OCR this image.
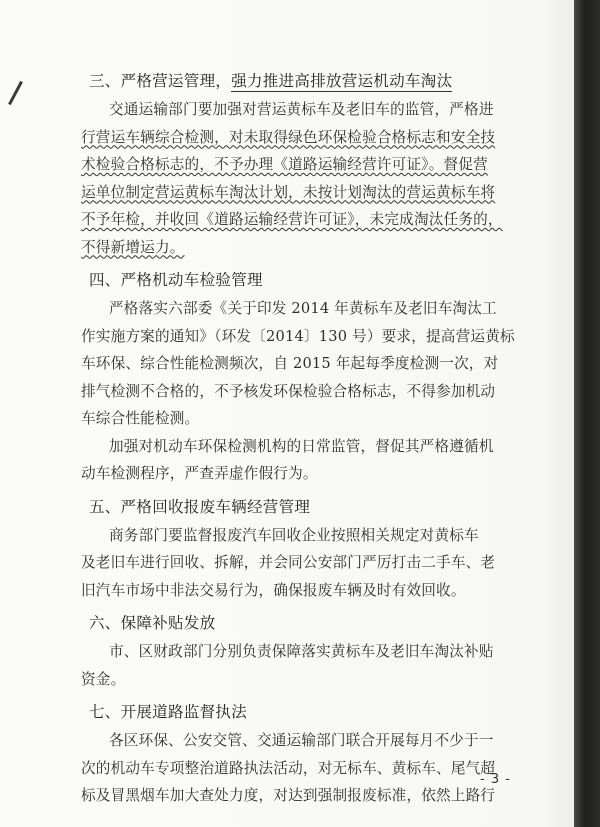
三、严格营运管理，强力推进高排放营运机动车淘汰
交通运输部门要加强对营运黄标车及老旧车的监管，严格进
行营运车辆综合检测，对未取得绿色环保检验合格标志和安全技
术检验合格标志的，不予办理《道路运输经营许可证》。督促营
运单位制定营运黄标车淘汰计划，未按计划淘汰的营运黄标车将
不予年检，并收回《道路运输经营许可证》，未完成淘汰任务的，
不得新增运力。
四、严格机动车检验管理
严格落实六部委《关于印发 2014 年黄标车及老旧车淘汰工
作实施方案的通知》（环发〔2014〕130 号）要求，提高营运黄标
车环保、综合性能检测频次，自 2015 年起每季度检测一次，对
排气检测不合格的，不予核发环保检验合格标志，不得参加机动
车综合性能检测。
加强对机动车环保检测机构的日常监管，督促其严格遵循机
动车检测程序，严查弄虚作假行为。
五、严格回收报废车辆经营管理
商务部门要监督报废汽车回收企业按照相关规定对黄标车
及老旧车进行回收、拆解，并会同公安部门严厉打击二手车、老
旧汽车市场中非法交易行为，确保报废车辆及时有效回收。
六、保障补贴发放
市、区财政部门分别负责保障落实黄标车及老旧车淘汰补贴
资金。
七、开展道路监督执法
各区环保、公安交管、交通运输部门联合开展每月不少于一
次的机动车专项整治道路执法活动，对无标车、黄标车、尾气超
标及冒黑烟车加大查处力度，对达到强制报废标准，依然上路行
- 3 -
